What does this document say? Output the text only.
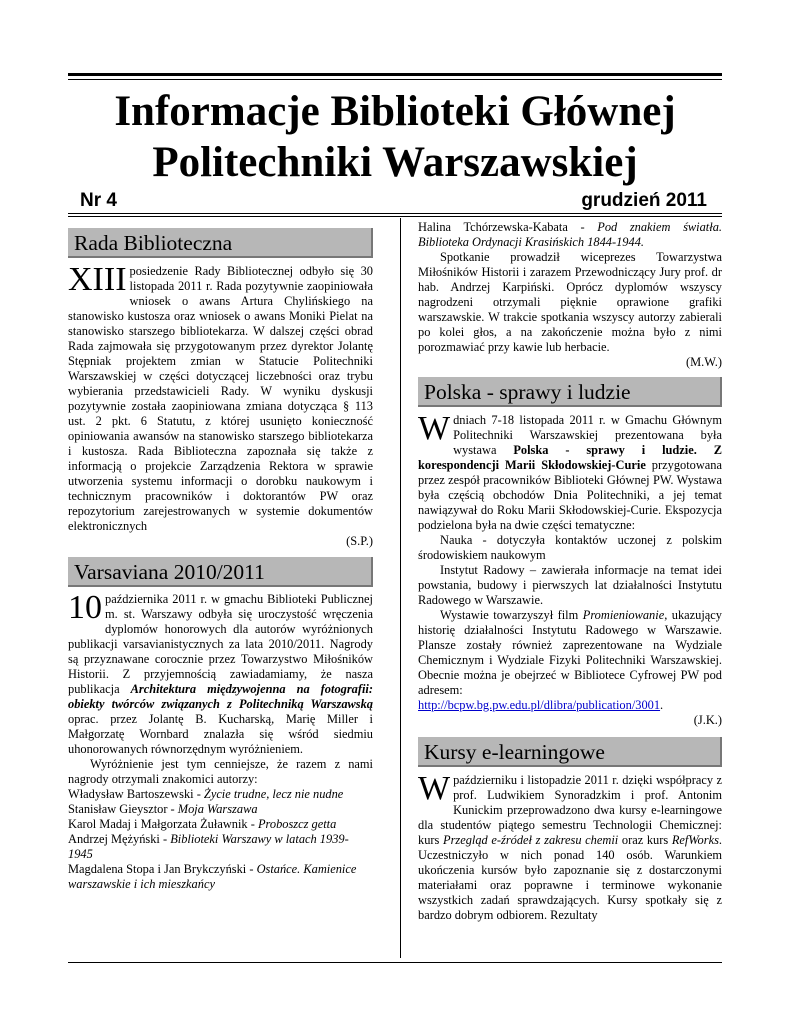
Informacje Biblioteki Głównej
Politechniki Warszawskiej
Nr 4	grudzień 2011
Rada Biblioteczna

XIII posiedzenie Rady Bibliotecznej odbyło się 30 listopada 2011 r. Rada pozytywnie zaopiniowała wniosek o awans Artura Chylińskiego na stanowisko kustosza oraz wniosek o awans Moniki Pielat na stanowisko starszego bibliotekarza. W dalszej części obrad Rada zajmowała się przygotowanym przez dyrektor Jolantę Stępniak projektem zmian w Statucie Politechniki Warszawskiej w części dotyczącej liczebności oraz trybu wybierania przedstawicieli Rady. W wyniku dyskusji pozytywnie została zaopiniowana zmiana dotycząca § 113 ust. 2 pkt. 6 Statutu, z której usunięto konieczność opiniowania awansów na stanowisko starszego bibliotekarza i kustosza. Rada Biblioteczna zapoznała się także z informacją o projekcie Zarządzenia Rektora w sprawie utworzenia systemu informacji o dorobku naukowym i technicznym pracowników i doktorantów PW oraz repozytorium zarejestrowanych w systemie dokumentów elektronicznych

(S.P.)

Varsaviana 2010/2011

10 października 2011 r. w gmachu Biblioteki Publicznej m. st. Warszawy odbyła się uroczystość wręczenia dyplomów honorowych dla autorów wyróżnionych publikacji varsavianistycznych za lata 2010/2011. Nagrody są przyznawane corocznie przez Towarzystwo Miłośników Historii. Z przyjemnością zawiadamiamy, że nasza publikacja Architektura międzywojenna na fotografii: obiekty twórców związanych z Politechniką Warszawską oprac. przez Jolantę B. Kucharską, Marię Miller i Małgorzatę Wornbard znalazła się wśród siedmiu uhonorowanych równorzędnym wyróżnieniem.

Wyróżnienie jest tym cenniejsze, że razem z nami nagrody otrzymali znakomici autorzy:

Władysław Bartoszewski - Życie trudne, lecz nie nudne

Stanisław Gieysztor - Moja Warszawa

Karol Madaj i Małgorzata Żuławnik - Proboszcz getta

Andrzej Mężyński - Biblioteki Warszawy w latach 1939-1945

Magdalena Stopa i Jan Brykczyński - Ostańce. Kamienice warszawskie i ich mieszkańcy

Halina Tchórzewska-Kabata - Pod znakiem światła. Biblioteka Ordynacji Krasińskich 1844-1944.

Spotkanie prowadził wiceprezes Towarzystwa Miłośników Historii i zarazem Przewodniczący Jury prof. dr hab. Andrzej Karpiński. Oprócz dyplomów wszyscy nagrodzeni otrzymali pięknie oprawione grafiki warszawskie. W trakcie spotkania wszyscy autorzy zabierali po kolei głos, a na zakończenie można było z nimi porozmawiać przy kawie lub herbacie.

(M.W.)

Polska - sprawy i ludzie

W dniach 7-18 listopada 2011 r. w Gmachu Głównym Politechniki Warszawskiej prezentowana była wystawa Polska - sprawy i ludzie. Z korespondencji Marii Skłodowskiej-Curie przygotowana przez zespół pracowników Biblioteki Głównej PW. Wystawa była częścią obchodów Dnia Politechniki, a jej temat nawiązywał do Roku Marii Skłodowskiej-Curie. Ekspozycja podzielona była na dwie części tematyczne:

Nauka - dotyczyła kontaktów uczonej z polskim środowiskiem naukowym

Instytut Radowy – zawierała informacje na temat idei powstania, budowy i pierwszych lat działalności Instytutu Radowego w Warszawie.

Wystawie towarzyszył film Promieniowanie, ukazujący historię działalności Instytutu Radowego w Warszawie. Plansze zostały również zaprezentowane na Wydziale Chemicznym i Wydziale Fizyki Politechniki Warszawskiej. Obecnie można je obejrzeć w Bibliotece Cyfrowej PW pod adresem:

http://bcpw.bg.pw.edu.pl/dlibra/publication/3001.

(J.K.)

Kursy e-learningowe

W październiku i listopadzie 2011 r. dzięki współpracy z prof. Ludwikiem Synoradzkim i prof. Antonim Kunickim przeprowadzono dwa kursy e-learningowe dla studentów piątego semestru Technologii Chemicznej: kurs Przegląd e-źródeł z zakresu chemii oraz kurs RefWorks. Uczestniczyło w nich ponad 140 osób. Warunkiem ukończenia kursów było zapoznanie się z dostarczonymi materiałami oraz poprawne i terminowe wykonanie wszystkich zadań sprawdzających. Kursy spotkały się z bardzo dobrym odbiorem. Rezultaty
